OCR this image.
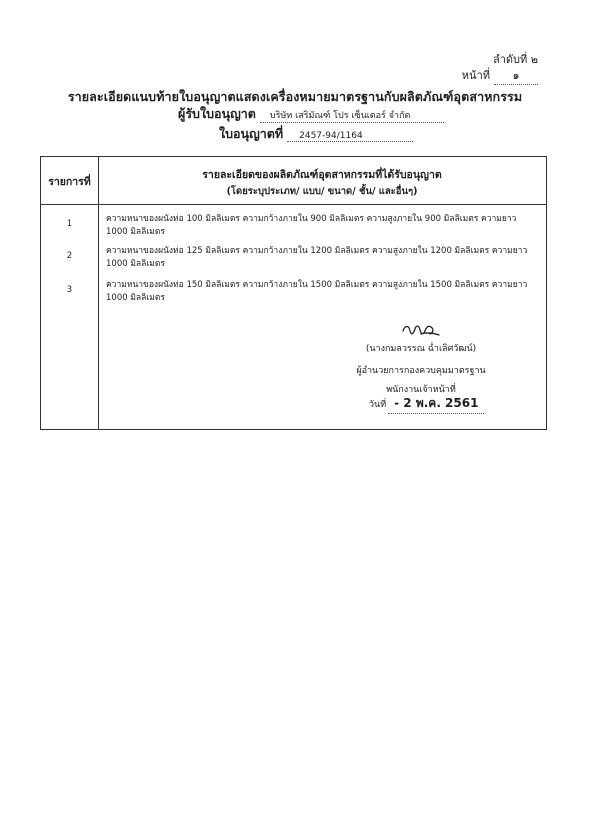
ลำดับที่ ๒
หน้าที่	๑
รายละเอียดแนบท้ายใบอนุญาตแสดงเครื่องหมายมาตรฐานกับผลิตภัณฑ์อุตสาหกรรม
ผู้รับใบอนุญาต	บริษัท เสริมัณฑ์ โปร เซ็นเตอร์ จำกัด
ใบอนุญาตที่	2457-94/1164
รายการที่
รายละเอียดของผลิตภัณฑ์อุตสาหกรรมที่ได้รับอนุญาต
(โดยระบุประเภท/ แบบ/ ขนาด/ ชั้น/ และอื่นๆ)
1	ความหนาของผนังท่อ 100 มิลลิเมตร ความกว้างภายใน 900 มิลลิเมตร ความสูงภายใน 900 มิลลิเมตร ความยาว 1000 มิลลิเมตร
2	ความหนาของผนังท่อ 125 มิลลิเมตร ความกว้างภายใน 1200 มิลลิเมตร ความสูงภายใน 1200 มิลลิเมตร ความยาว 1000 มิลลิเมตร
3	ความหนาของผนังท่อ 150 มิลลิเมตร ความกว้างภายใน 1500 มิลลิเมตร ความสูงภายใน 1500 มิลลิเมตร ความยาว 1000 มิลลิเมตร
(นางกมลวรรณ ฉ่ำเลิศวัฒน์)
ผู้อำนวยการกองควบคุมมาตรฐาน
พนักงานเจ้าหน้าที่
วันที่ - 2 พ.ค. 2561
